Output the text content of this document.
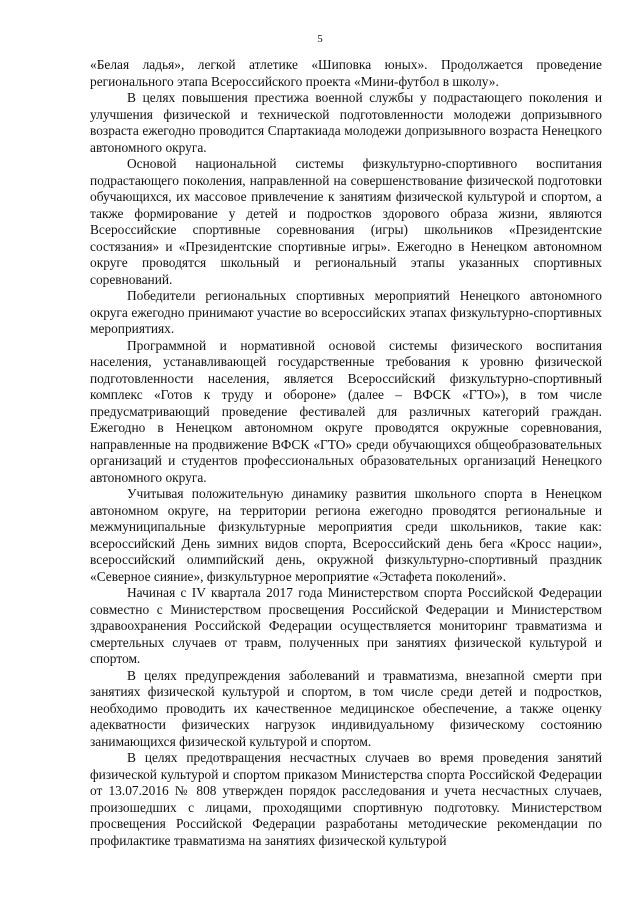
5

«Белая ладья», легкой атлетике «Шиповка юных». Продолжается проведение регионального этапа Всероссийского проекта «Мини-футбол в школу».

В целях повышения престижа военной службы у подрастающего поколения и улучшения физической и технической подготовленности молодежи допризывного возраста ежегодно проводится Спартакиада молодежи допризывного возраста Ненецкого автономного округа.

Основой национальной системы физкультурно-спортивного воспитания подрастающего поколения, направленной на совершенствование физической подготовки обучающихся, их массовое привлечение к занятиям физической культурой и спортом, а также формирование у детей и подростков здорового образа жизни, являются Всероссийские спортивные соревнования (игры) школьников «Президентские состязания» и «Президентские спортивные игры». Ежегодно в Ненецком автономном округе проводятся школьный и региональный этапы указанных спортивных соревнований.

Победители региональных спортивных мероприятий Ненецкого автономного округа ежегодно принимают участие во всероссийских этапах физкультурно-спортивных мероприятиях.

Программной и нормативной основой системы физического воспитания населения, устанавливающей государственные требования к уровню физической подготовленности населения, является Всероссийский физкультурно-спортивный комплекс «Готов к труду и обороне» (далее – ВФСК «ГТО»), в том числе предусматривающий проведение фестивалей для различных категорий граждан. Ежегодно в Ненецком автономном округе проводятся окружные соревнования, направленные на продвижение ВФСК «ГТО» среди обучающихся общеобразовательных организаций и студентов профессиональных образовательных организаций Ненецкого автономного округа.

Учитывая положительную динамику развития школьного спорта в Ненецком автономном округе, на территории региона ежегодно проводятся региональные и межмуниципальные физкультурные мероприятия среди школьников, такие как: всероссийский День зимних видов спорта, Всероссийский день бега «Кросс нации», всероссийский олимпийский день, окружной физкультурно-спортивный праздник «Северное сияние», физкультурное мероприятие «Эстафета поколений».

Начиная с IV квартала 2017 года Министерством спорта Российской Федерации совместно с Министерством просвещения Российской Федерации и Министерством здравоохранения Российской Федерации осуществляется мониторинг травматизма и смертельных случаев от травм, полученных при занятиях физической культурой и спортом.

В целях предупреждения заболеваний и травматизма, внезапной смерти при занятиях физической культурой и спортом, в том числе среди детей и подростков, необходимо проводить их качественное медицинское обеспечение, а также оценку адекватности физических нагрузок индивидуальному физическому состоянию занимающихся физической культурой и спортом.

В целях предотвращения несчастных случаев во время проведения занятий физической культурой и спортом приказом Министерства спорта Российской Федерации от 13.07.2016 № 808 утвержден порядок расследования и учета несчастных случаев, произошедших с лицами, проходящими спортивную подготовку. Министерством просвещения Российской Федерации разработаны методические рекомендации по профилактике травматизма на занятиях физической культурой
